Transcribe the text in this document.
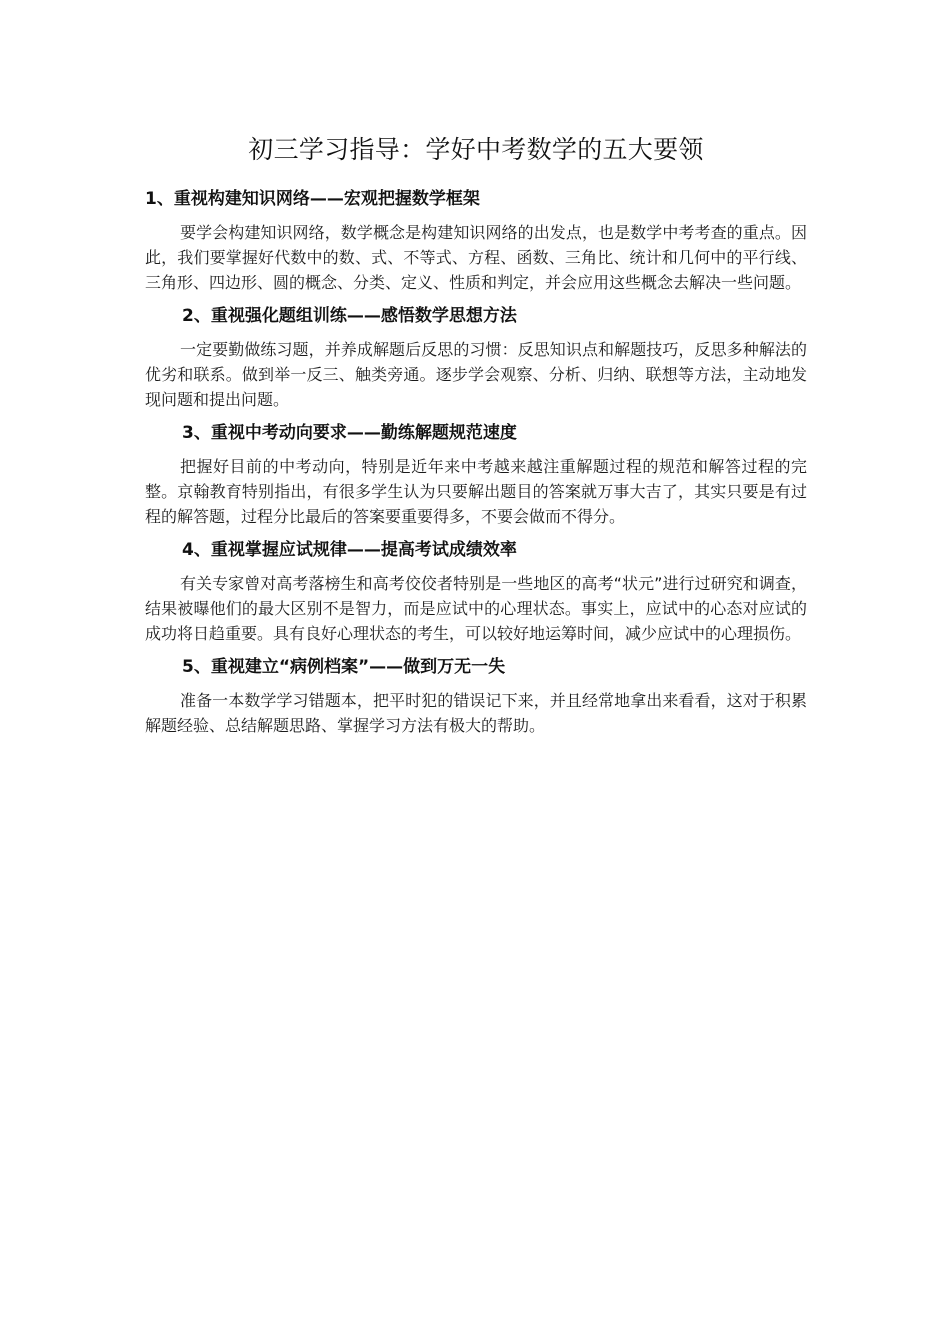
初三学习指导：学好中考数学的五大要领
1、重视构建知识网络——宏观把握数学框架

要学会构建知识网络，数学概念是构建知识网络的出发点，也是数学中考考查的重点。因此，我们要掌握好代数中的数、式、不等式、方程、函数、三角比、统计和几何中的平行线、三角形、四边形、圆的概念、分类、定义、性质和判定，并会应用这些概念去解决一些问题。

2、重视强化题组训练——感悟数学思想方法

一定要勤做练习题，并养成解题后反思的习惯：反思知识点和解题技巧，反思多种解法的优劣和联系。做到举一反三、触类旁通。逐步学会观察、分析、归纳、联想等方法，主动地发现问题和提出问题。

3、重视中考动向要求——勤练解题规范速度

把握好目前的中考动向，特别是近年来中考越来越注重解题过程的规范和解答过程的完整。京翰教育特别指出，有很多学生认为只要解出题目的答案就万事大吉了，其实只要是有过程的解答题，过程分比最后的答案要重要得多，不要会做而不得分。

4、重视掌握应试规律——提高考试成绩效率

有关专家曾对高考落榜生和高考佼佼者特别是一些地区的高考“状元”进行过研究和调查，结果被曝他们的最大区别不是智力，而是应试中的心理状态。事实上，应试中的心态对应试的成功将日趋重要。具有良好心理状态的考生，可以较好地运筹时间，减少应试中的心理损伤。

5、重视建立“病例档案”——做到万无一失

准备一本数学学习错题本，把平时犯的错误记下来，并且经常地拿出来看看，这对于积累解题经验、总结解题思路、掌握学习方法有极大的帮助。
